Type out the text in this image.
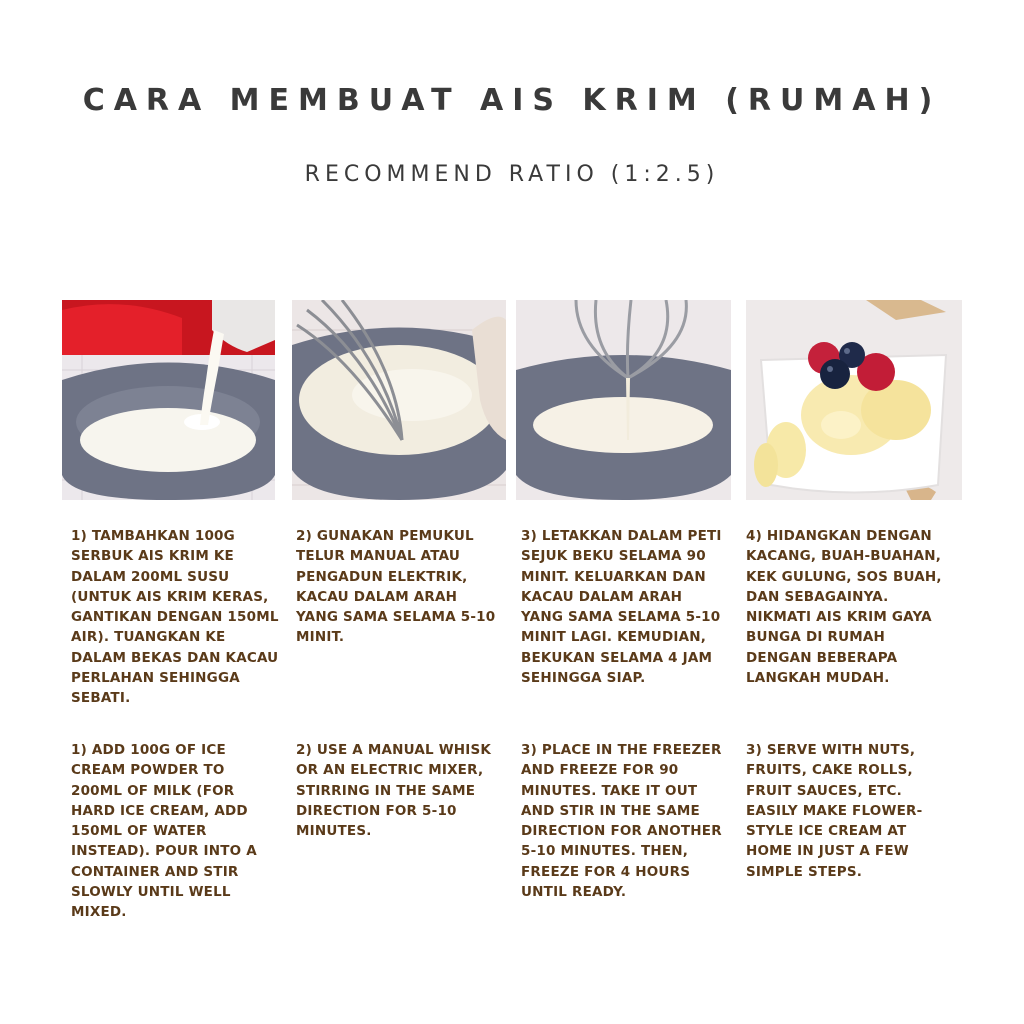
CARA MEMBUAT AIS KRIM (RUMAH)
RECOMMEND RATIO (1:2.5)
1) TAMBAHKAN 100G SERBUK AIS KRIM KE DALAM 200ML SUSU (UNTUK AIS KRIM KERAS, GANTIKAN DENGAN 150ML AIR). TUANGKAN KE DALAM BEKAS DAN KACAU PERLAHAN SEHINGGA SEBATI.
2) GUNAKAN PEMUKUL TELUR MANUAL ATAU PENGADUN ELEKTRIK, KACAU DALAM ARAH YANG SAMA SELAMA 5-10 MINIT.
3) LETAKKAN DALAM PETI SEJUK BEKU SELAMA 90 MINIT. KELUARKAN DAN KACAU DALAM ARAH YANG SAMA SELAMA 5-10 MINIT LAGI. KEMUDIAN, BEKUKAN SELAMA 4 JAM SEHINGGA SIAP.
4) HIDANGKAN DENGAN KACANG, BUAH-BUAHAN, KEK GULUNG, SOS BUAH, DAN SEBAGAINYA. NIKMATI AIS KRIM GAYA BUNGA DI RUMAH DENGAN BEBERAPA LANGKAH MUDAH.
1) ADD 100G OF ICE CREAM POWDER TO 200ML OF MILK (FOR HARD ICE CREAM, ADD 150ML OF WATER INSTEAD). POUR INTO A CONTAINER AND STIR SLOWLY UNTIL WELL MIXED.
2) USE A MANUAL WHISK OR AN ELECTRIC MIXER, STIRRING IN THE SAME DIRECTION FOR 5-10 MINUTES.
3) PLACE IN THE FREEZER AND FREEZE FOR 90 MINUTES. TAKE IT OUT AND STIR IN THE SAME DIRECTION FOR ANOTHER 5-10 MINUTES. THEN, FREEZE FOR 4 HOURS UNTIL READY.
3) SERVE WITH NUTS, FRUITS, CAKE ROLLS, FRUIT SAUCES, ETC. EASILY MAKE FLOWER-STYLE ICE CREAM AT HOME IN JUST A FEW SIMPLE STEPS.
